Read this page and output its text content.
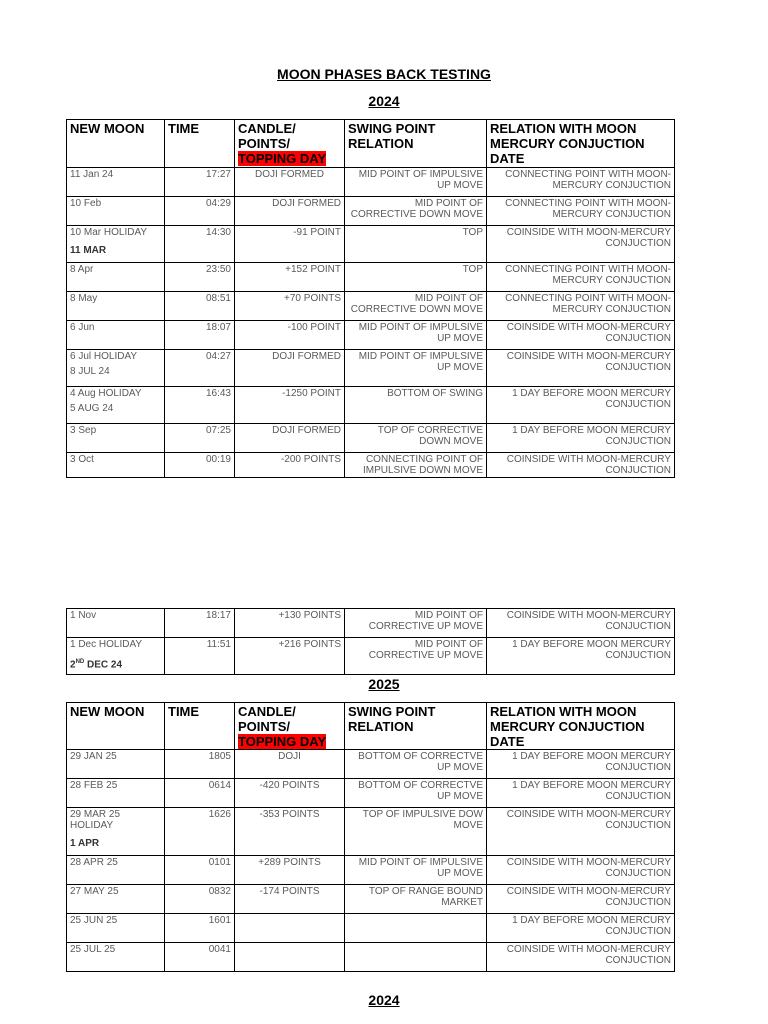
MOON PHASES BACK TESTING
2024
NEW MOON	TIME	CANDLE/
POINTS/
TOPPING DAY	SWING POINT RELATION	RELATION WITH MOON MERCURY CONJUCTION DATE
11 Jan 24	17:27	DOJI FORMED	MID POINT OF IMPULSIVE UP MOVE	CONNECTING POINT WITH MOON-MERCURY CONJUCTION
10 Feb	04:29	DOJI FORMED	MID POINT OF CORRECTIVE DOWN MOVE	CONNECTING POINT WITH MOON-MERCURY CONJUCTION
10 Mar HOLIDAY
11 MAR	14:30	-91 POINT	TOP	COINSIDE WITH MOON-MERCURY CONJUCTION
8 Apr	23:50	+152 POINT	TOP	CONNECTING POINT WITH MOON-MERCURY CONJUCTION
8 May	08:51	+70 POINTS	MID POINT OF CORRECTIVE DOWN MOVE	CONNECTING POINT WITH MOON-MERCURY CONJUCTION
6 Jun	18:07	-100 POINT	MID POINT OF IMPULSIVE UP MOVE	COINSIDE WITH MOON-MERCURY CONJUCTION
6 Jul HOLIDAY
8 JUL 24	04:27	DOJI FORMED	MID POINT OF IMPULSIVE UP MOVE	COINSIDE WITH MOON-MERCURY CONJUCTION
4 Aug HOLIDAY
5 AUG 24	16:43	-1250 POINT	BOTTOM OF SWING	1 DAY BEFORE MOON MERCURY CONJUCTION
3 Sep	07:25	DOJI FORMED	TOP OF CORRECTIVE DOWN MOVE	1 DAY BEFORE MOON MERCURY CONJUCTION
3 Oct	00:19	-200 POINTS	CONNECTING POINT OF IMPULSIVE DOWN MOVE	COINSIDE WITH MOON-MERCURY CONJUCTION
1 Nov	18:17	+130 POINTS	MID POINT OF CORRECTIVE UP MOVE	COINSIDE WITH MOON-MERCURY CONJUCTION
1 Dec HOLIDAY
2ND DEC 24	11:51	+216 POINTS	MID POINT OF CORRECTIVE UP MOVE	1 DAY BEFORE MOON MERCURY CONJUCTION
2025
NEW MOON	TIME	CANDLE/
POINTS/
TOPPING DAY	SWING POINT RELATION	RELATION WITH MOON MERCURY CONJUCTION DATE
29 JAN 25	1805	DOJI	BOTTOM OF CORRECTVE UP MOVE	1 DAY BEFORE MOON MERCURY CONJUCTION
28 FEB 25	0614	-420 POINTS	BOTTOM OF CORRECTVE UP MOVE	1 DAY BEFORE MOON MERCURY CONJUCTION
29 MAR 25 HOLIDAY
1 APR	1626	-353 POINTS	TOP OF IMPULSIVE DOW MOVE	COINSIDE WITH MOON-MERCURY CONJUCTION
28 APR 25	0101	+289 POINTS	MID POINT OF IMPULSIVE UP MOVE	COINSIDE WITH MOON-MERCURY CONJUCTION
27 MAY 25	0832	-174 POINTS	TOP OF RANGE BOUND MARKET	COINSIDE WITH MOON-MERCURY CONJUCTION
25 JUN 25	1601			1 DAY BEFORE MOON MERCURY CONJUCTION
25 JUL 25	0041			COINSIDE WITH MOON-MERCURY CONJUCTION
2024
